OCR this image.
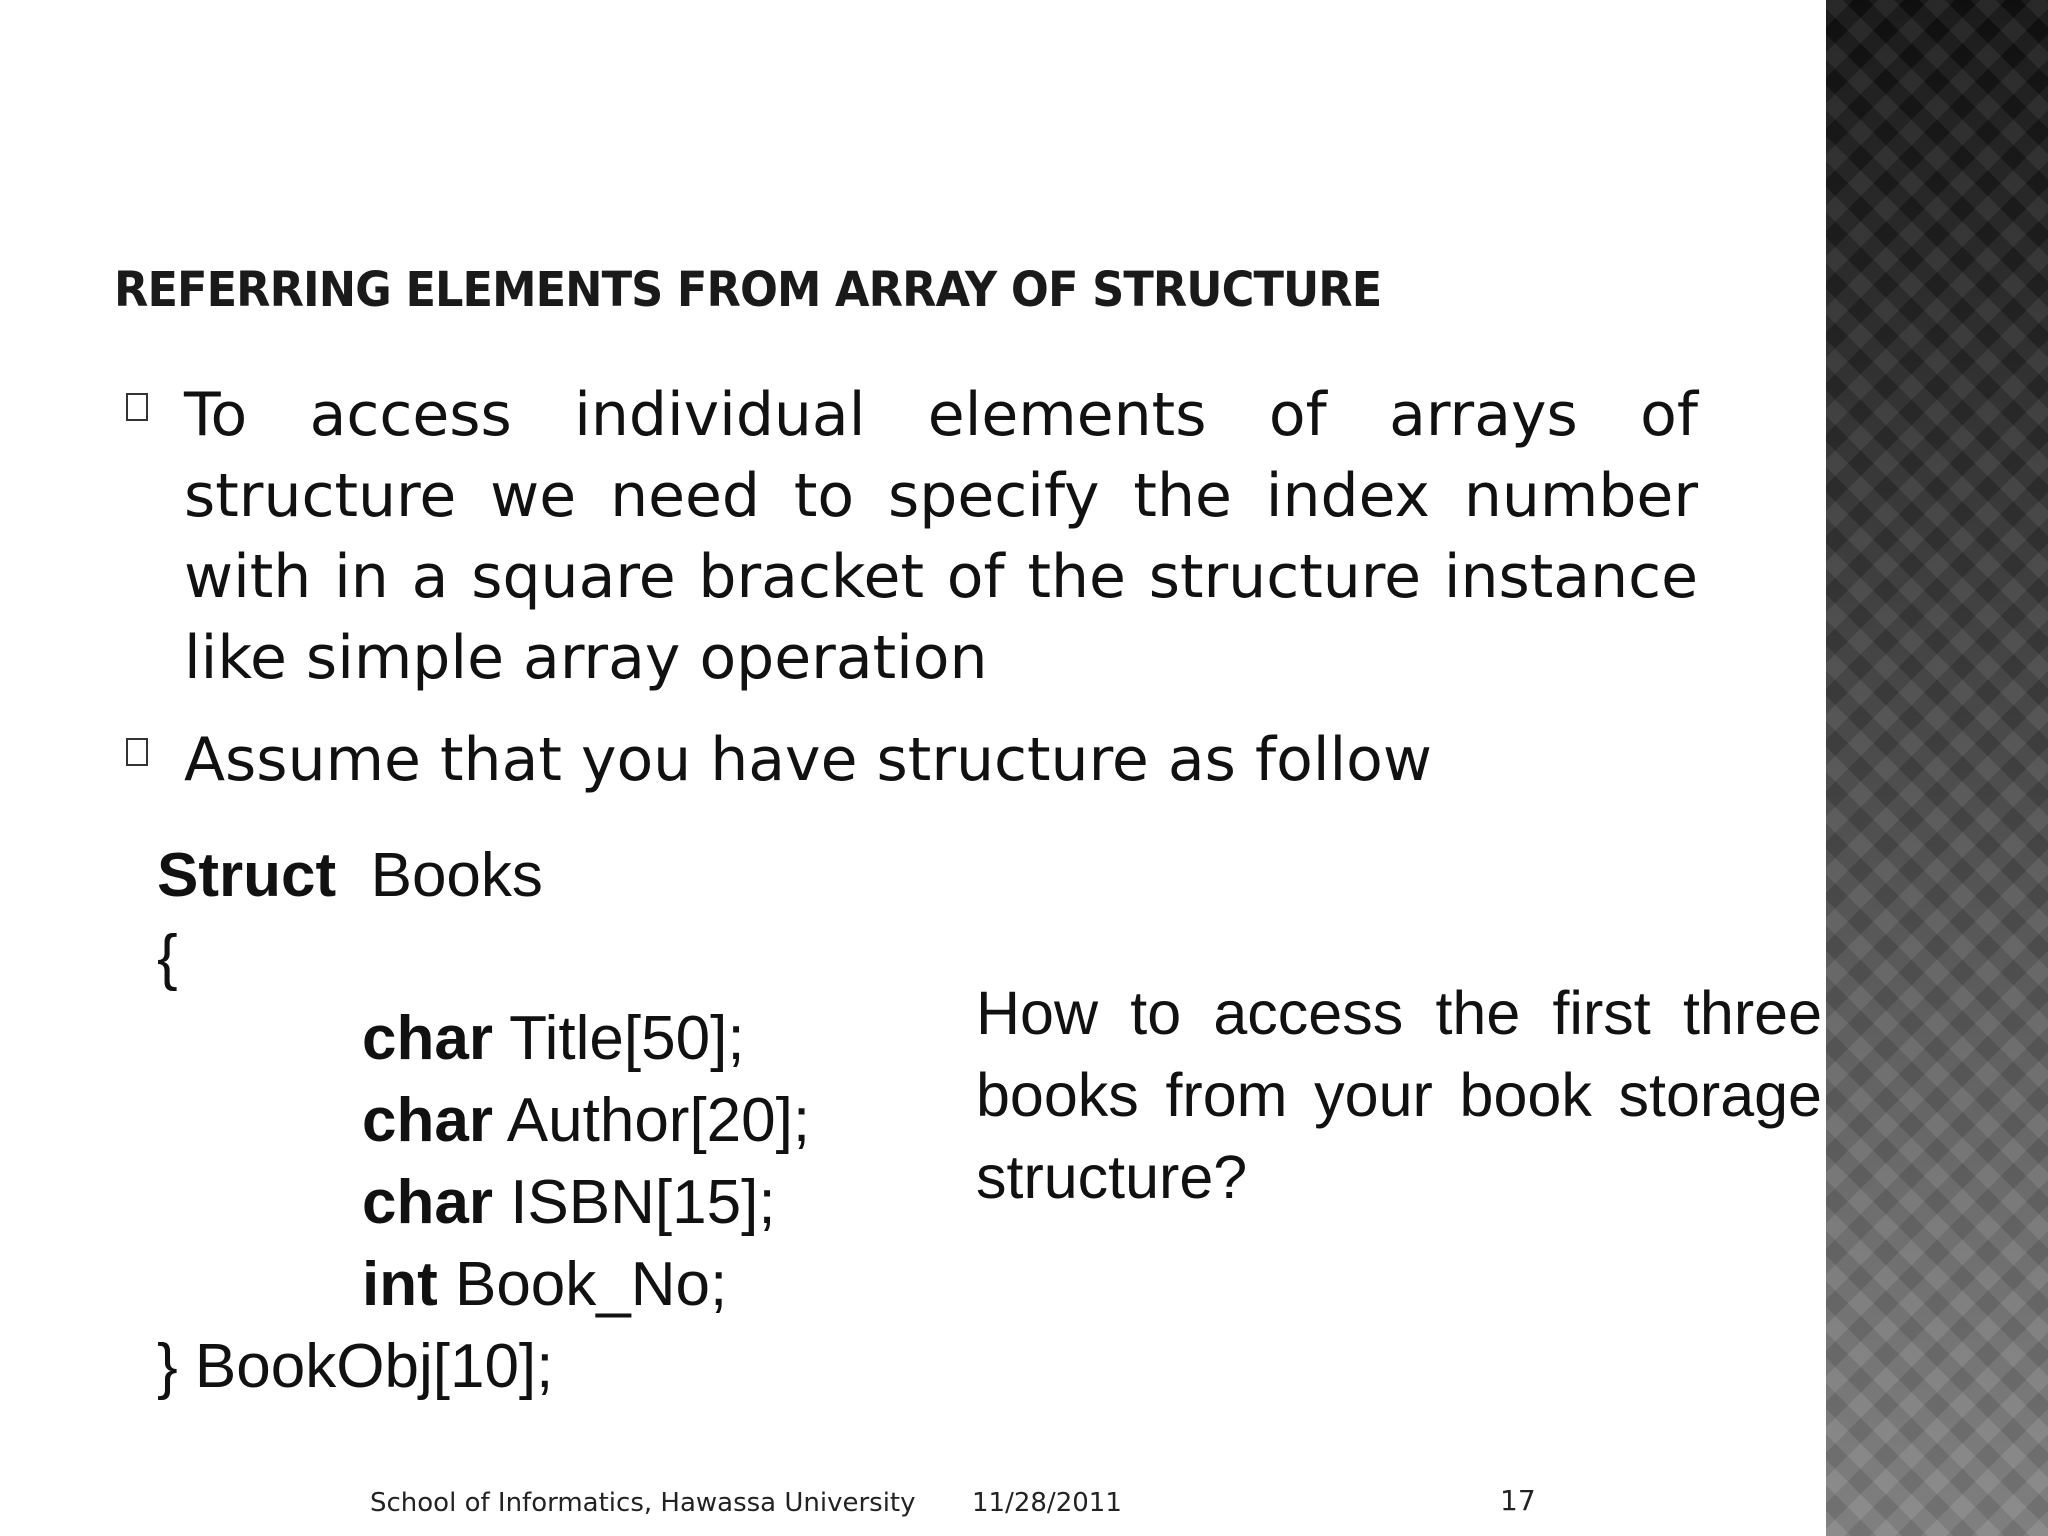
REFERRING ELEMENTS FROM ARRAY OF STRUCTURE
To access individual elements of arrays of structure we need to specify the index number with in a square bracket of the structure instance like simple array operation
Assume that you have structure as follow
Struct  Books
{
char Title[50];
char Author[20];
char ISBN[15];
int Book_No;
} BookObj[10];
How to access the first three books from your book storage structure?
School of Informatics, Hawassa University 11/28/2011	17
